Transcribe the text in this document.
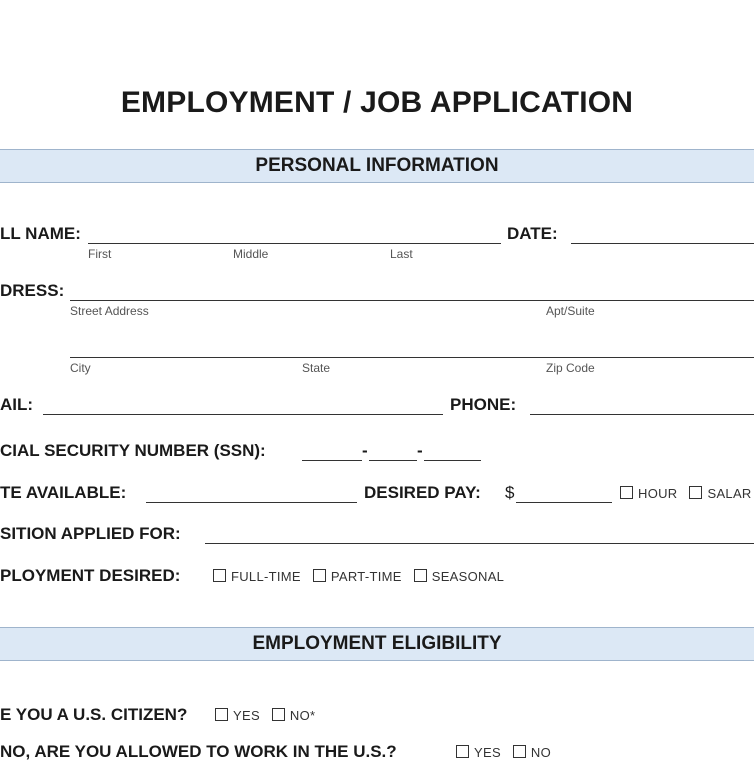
EMPLOYMENT / JOB APPLICATION
PERSONAL INFORMATION
LL NAME:
First	Middle	Last
DATE:
DRESS:
Street Address	Apt/Suite
City	State	Zip Code
AIL:	PHONE:
CIAL SECURITY NUMBER (SSN):	-	-
TE AVAILABLE:	DESIRED PAY: $	HOUR SALAR
SITION APPLIED FOR:
PLOYMENT DESIRED:	FULL-TIME PART-TIME SEASONAL
EMPLOYMENT ELIGIBILITY
E YOU A U.S. CITIZEN?	YES NO*
NO, ARE YOU ALLOWED TO WORK IN THE U.S.?	YES NO
